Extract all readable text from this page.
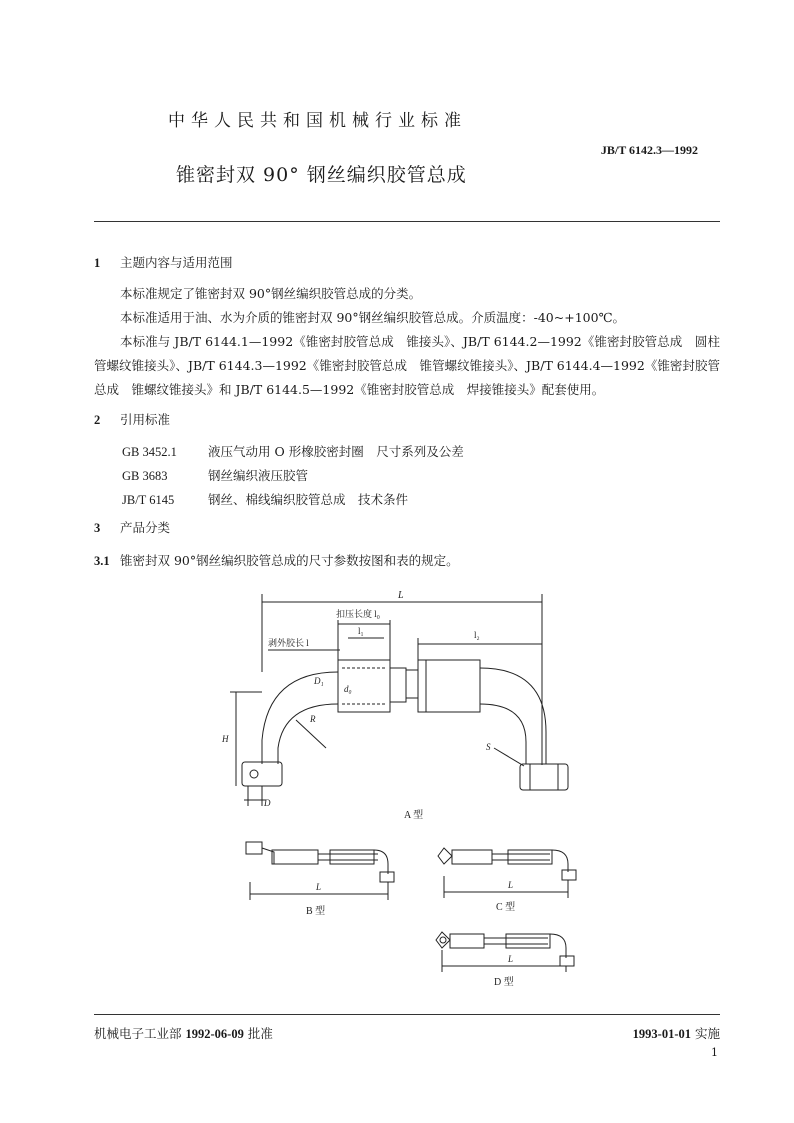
中华人民共和国机械行业标准
JB/T 6142.3—1992
锥密封双 90° 钢丝编织胶管总成
1 主题内容与适用范围
本标准规定了锥密封双 90°钢丝编织胶管总成的分类。
本标准适用于油、水为介质的锥密封双 90°钢丝编织胶管总成。介质温度：-40~+100℃。
本标准与 JB/T 6144.1—1992《锥密封胶管总成　锥接头》、JB/T 6144.2—1992《锥密封胶管总成　圆柱管螺纹锥接头》、JB/T 6144.3—1992《锥密封胶管总成　锥管螺纹锥接头》、JB/T 6144.4—1992《锥密封胶管总成　锥螺纹锥接头》和 JB/T 6144.5—1992《锥密封胶管总成　焊接锥接头》配套使用。
2 引用标准
GB 3452.1 液压气动用 O 形橡胶密封圈　尺寸系列及公差
GB 3683	钢丝编织液压胶管
JB/T 6145	钢丝、棉线编织胶管总成　技术条件
3 产品分类
3.1 锥密封双 90°钢丝编织胶管总成的尺寸参数按图和表的规定。
L
扣压长度 l₀
l₁
剥外胶长 l
l₂
D₁
d₀
S
R
H
D
A 型
L
B 型
L
C 型
L
D 型
机械电子工业部 1992-06-09 批准	1993-01-01 实施
1
